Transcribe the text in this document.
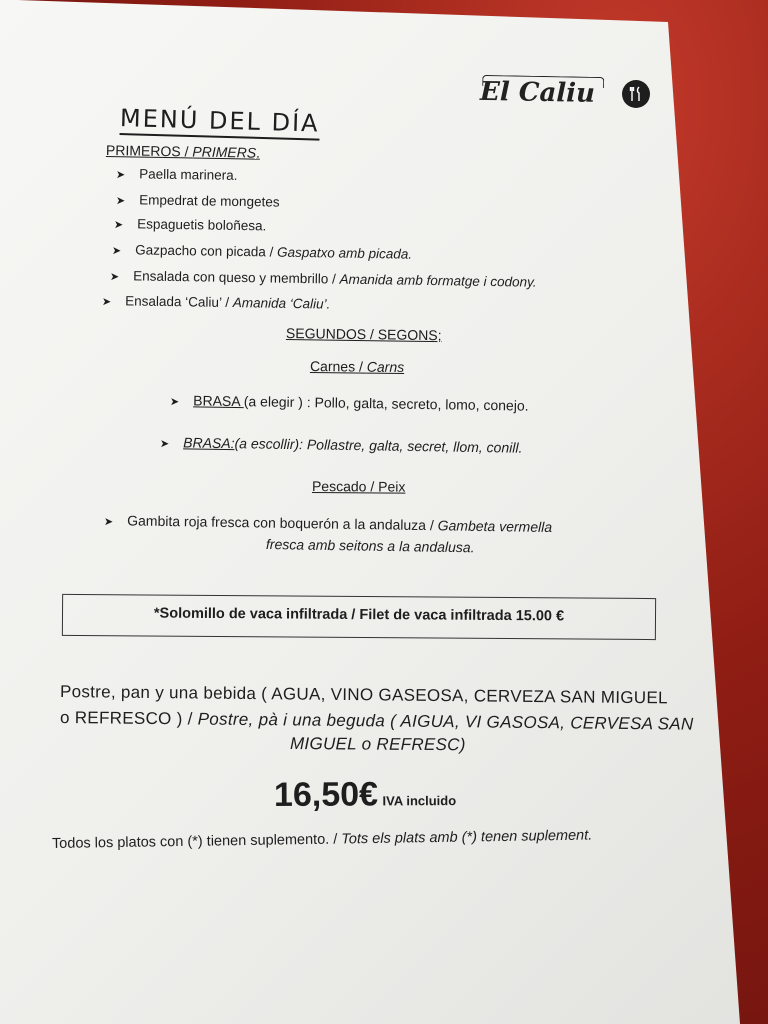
El Caliu
MENÚ DEL DÍA
PRIMEROS / PRIMERS.
➤ Paella marinera.
➤ Empedrat de mongetes
➤ Espaguetis boloñesa.
➤ Gazpacho con picada / Gaspatxo amb picada.
➤ Ensalada con queso y membrillo / Amanida amb formatge i codony.
➤ Ensalada ‘Caliu’ / Amanida ‘Caliu’.
SEGUNDOS / SEGONS;
Carnes / Carns
➤ BRASA (a elegir ) : Pollo, galta, secreto, lomo, conejo.
➤ BRASA:(a escollir): Pollastre, galta, secret, llom, conill.
Pescado / Peix
➤ Gambita roja fresca con boquerón a la andaluza / Gambeta vermella
fresca amb seitons a la andalusa.
*Solomillo de vaca infiltrada / Filet de vaca infiltrada 15.00 €
Postre, pan y una bebida ( AGUA, VINO GASEOSA, CERVEZA SAN MIGUEL
o REFRESCO ) / Postre, pà i una beguda ( AIGUA, VI GASOSA, CERVESA SAN
MIGUEL o REFRESC)
16,50€ IVA incluido
Todos los platos con (*) tienen suplemento. / Tots els plats amb (*) tenen suplement.
